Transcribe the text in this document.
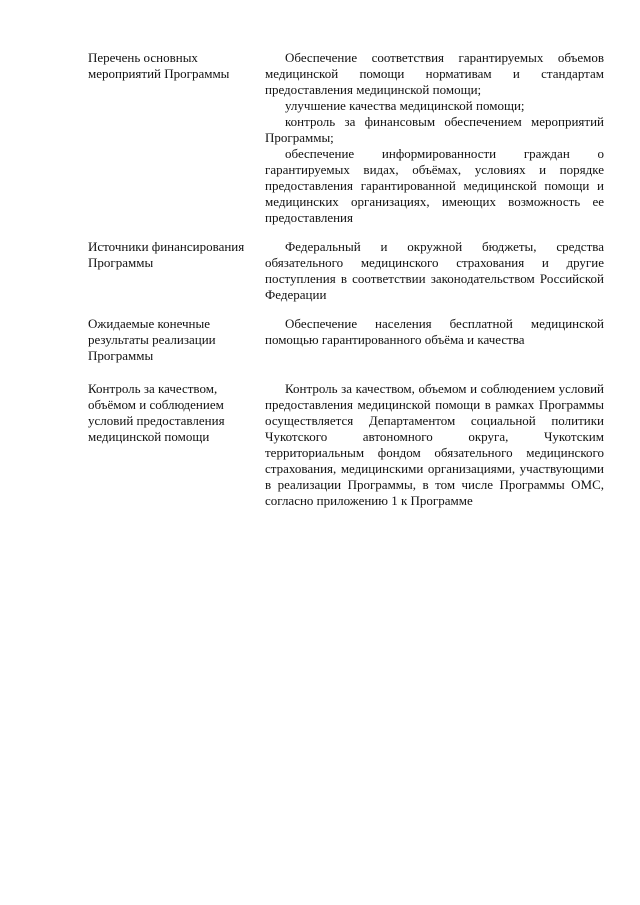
Перечень основных мероприятий Программы

Обеспечение соответствия гарантируемых объемов медицинской помощи нормативам и стандартам предоставления медицинской помощи;

улучшение качества медицинской помощи;

контроль за финансовым обеспечением мероприятий Программы;

обеспечение информированности граждан о гарантируемых видах, объёмах, условиях и порядке предоставления гарантированной медицинской помощи и медицинских организациях, имеющих возможность ее предоставления

Источники финансирования Программы

Федеральный и окружной бюджеты, средства обязательного медицинского страхования и другие поступления в соответствии законодательством Российской Федерации

Ожидаемые конечные результаты реализации Программы

Обеспечение населения бесплатной медицинской помощью гарантированного объёма и качества

Контроль за качеством, объёмом и соблюдением условий предоставления медицинской помощи

Контроль за качеством, объемом и соблюдением условий предоставления медицинской помощи в рамках Программы осуществляется Департаментом социальной политики Чукотского автономного округа, Чукотским территориальным фондом обязательного медицинского страхования, медицинскими организациями, участвующими в реализации Программы, в том числе Программы ОМС, согласно приложению 1 к Программе
